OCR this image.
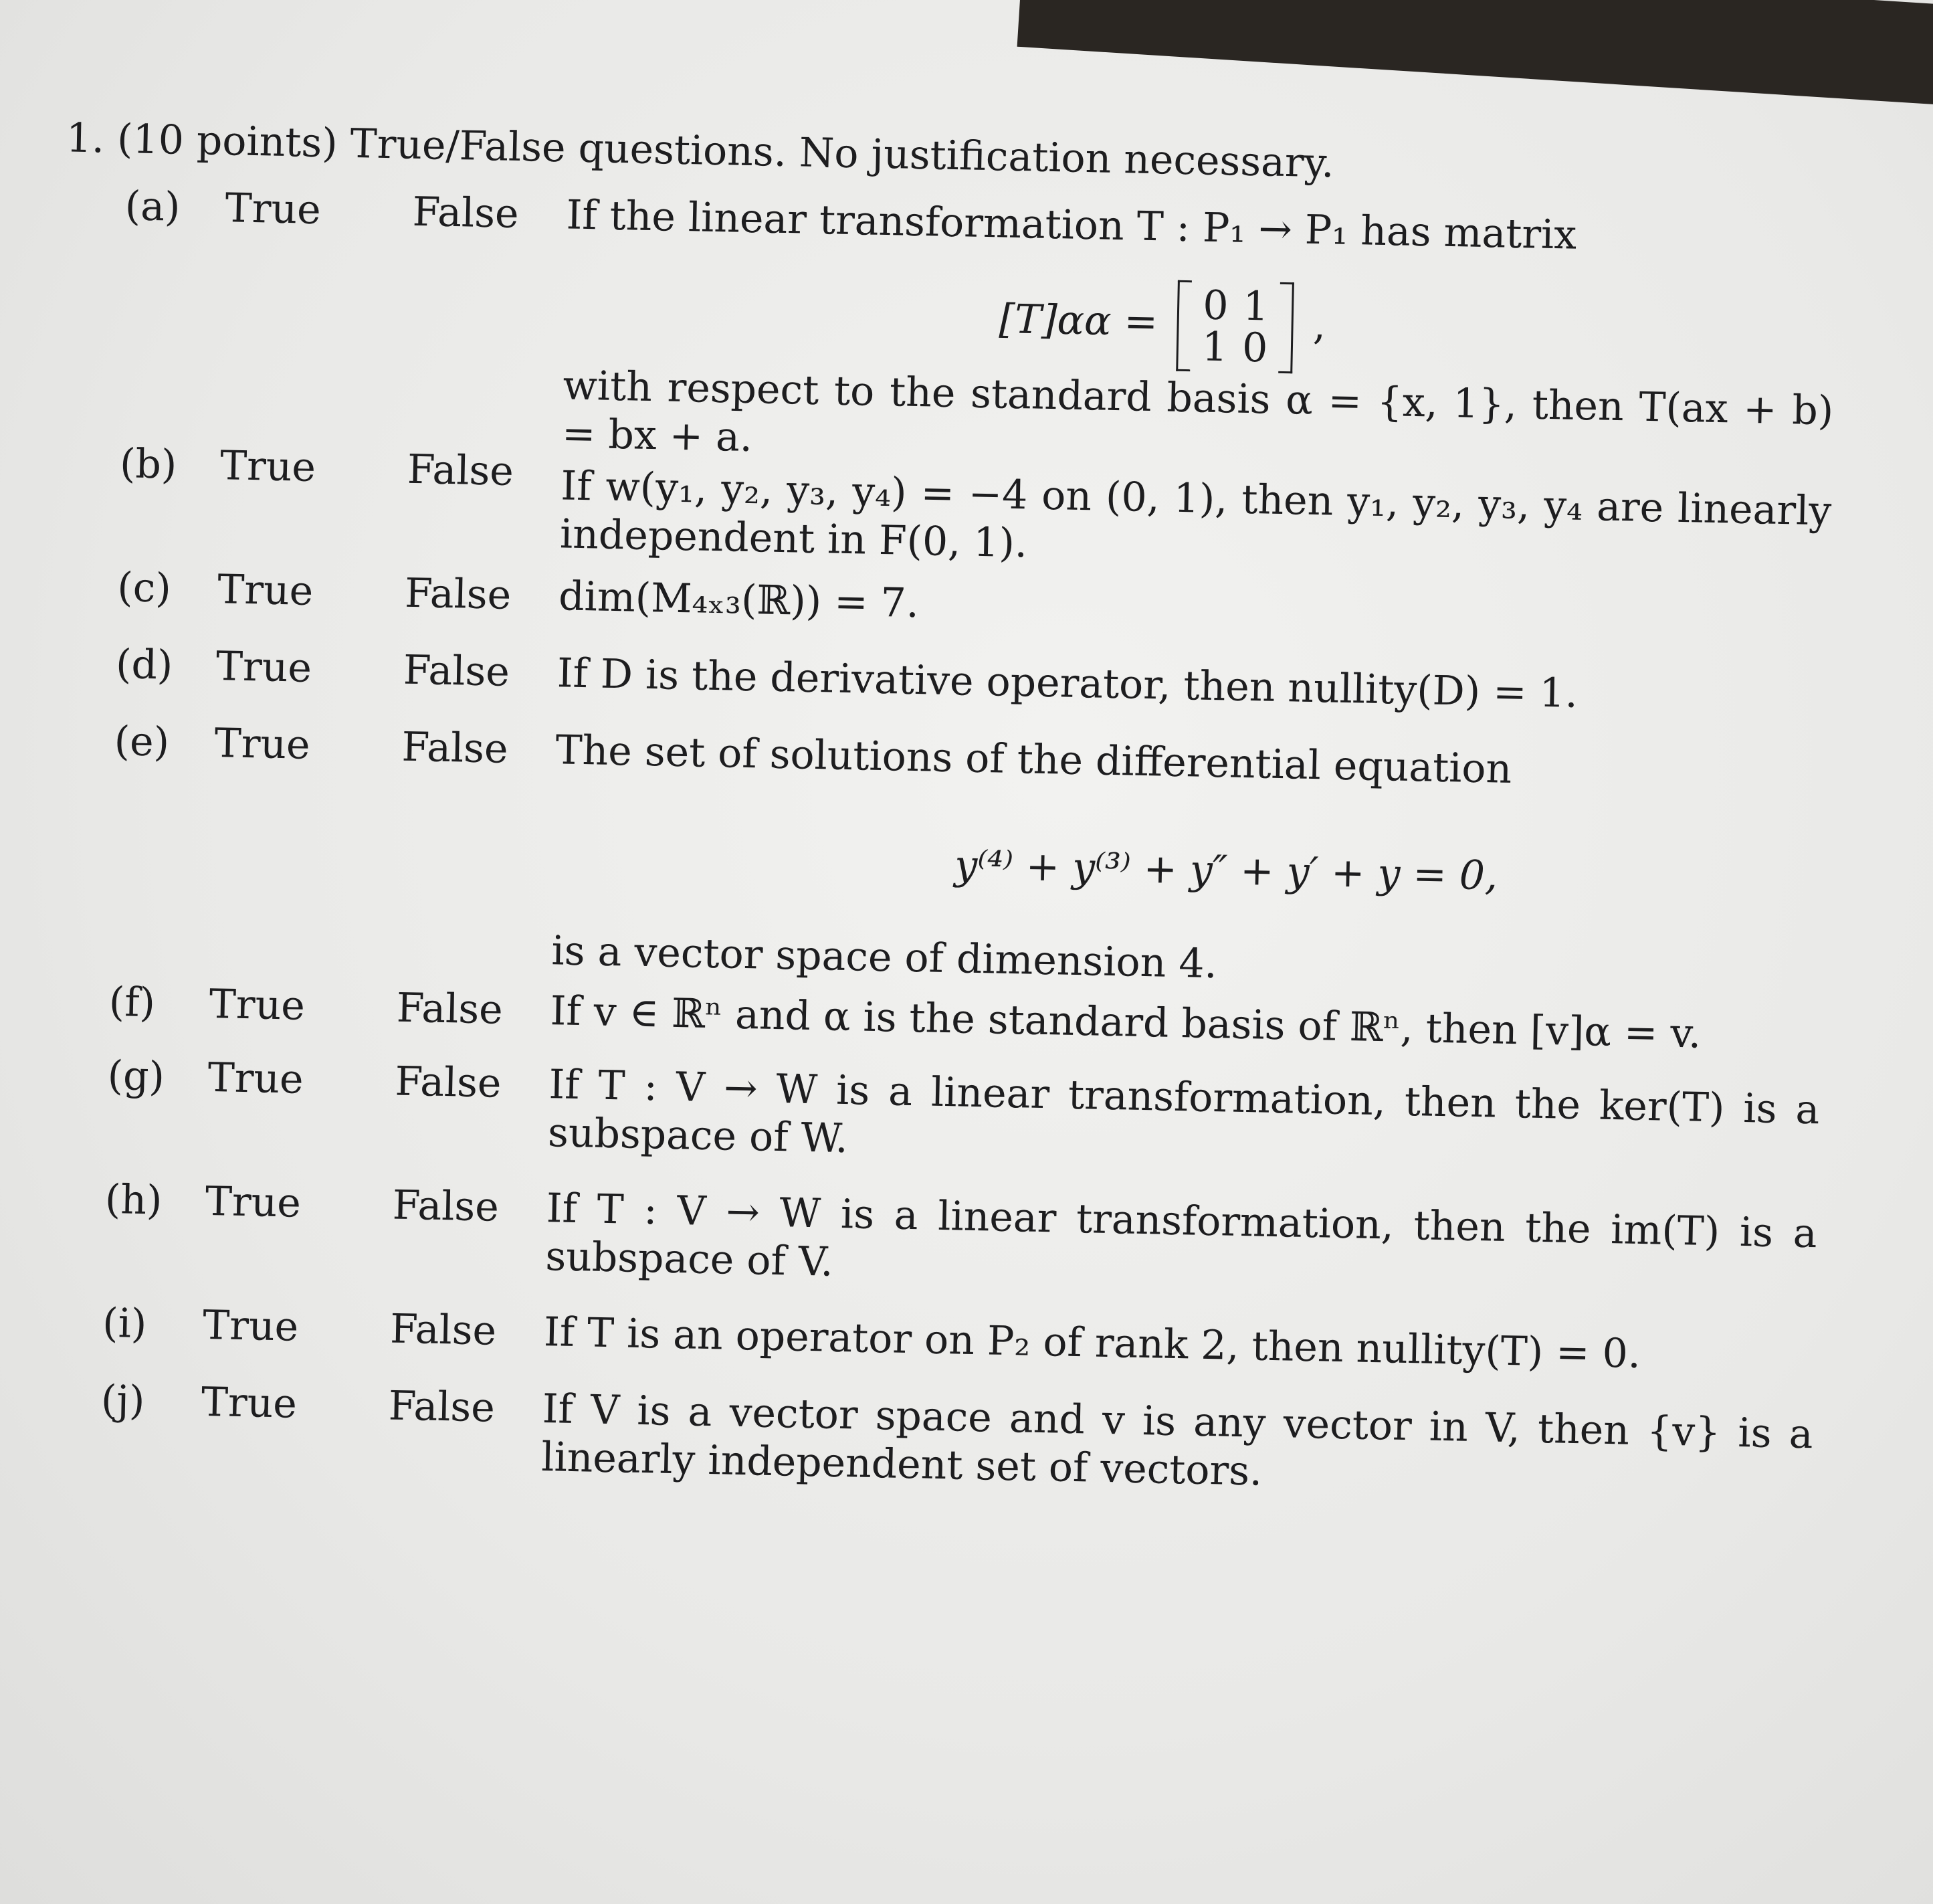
1. (10 points) True/False questions. No justification necessary.
(a) True False If the linear transformation T : P₁ → P₁ has matrix
[T]αα = 0 1
1 0 ,
with respect to the standard basis α = {x, 1}, then T(ax + b) = bx + a.
(b) True False If w(y₁, y₂, y₃, y₄) = −4 on (0, 1), then y₁, y₂, y₃, y₄ are linearly independent in F(0, 1).
(c) True False dim(M₄ₓ₃(ℝ)) = 7.
(d) True False If D is the derivative operator, then nullity(D) = 1.
(e) True False The set of solutions of the differential equation
y⁽⁴⁾ + y⁽³⁾ + y″ + y′ + y = 0,
is a vector space of dimension 4.
(f) True False If v ∈ ℝⁿ and α is the standard basis of ℝⁿ, then [v]α = v.
(g) True False If T : V → W is a linear transformation, then the ker(T) is a subspace of W.
(h) True False If T : V → W is a linear transformation, then the im(T) is a subspace of V.
(i) True False If T is an operator on P₂ of rank 2, then nullity(T) = 0.
(j) True False If V is a vector space and v is any vector in V, then {v} is a linearly independent set of vectors.
